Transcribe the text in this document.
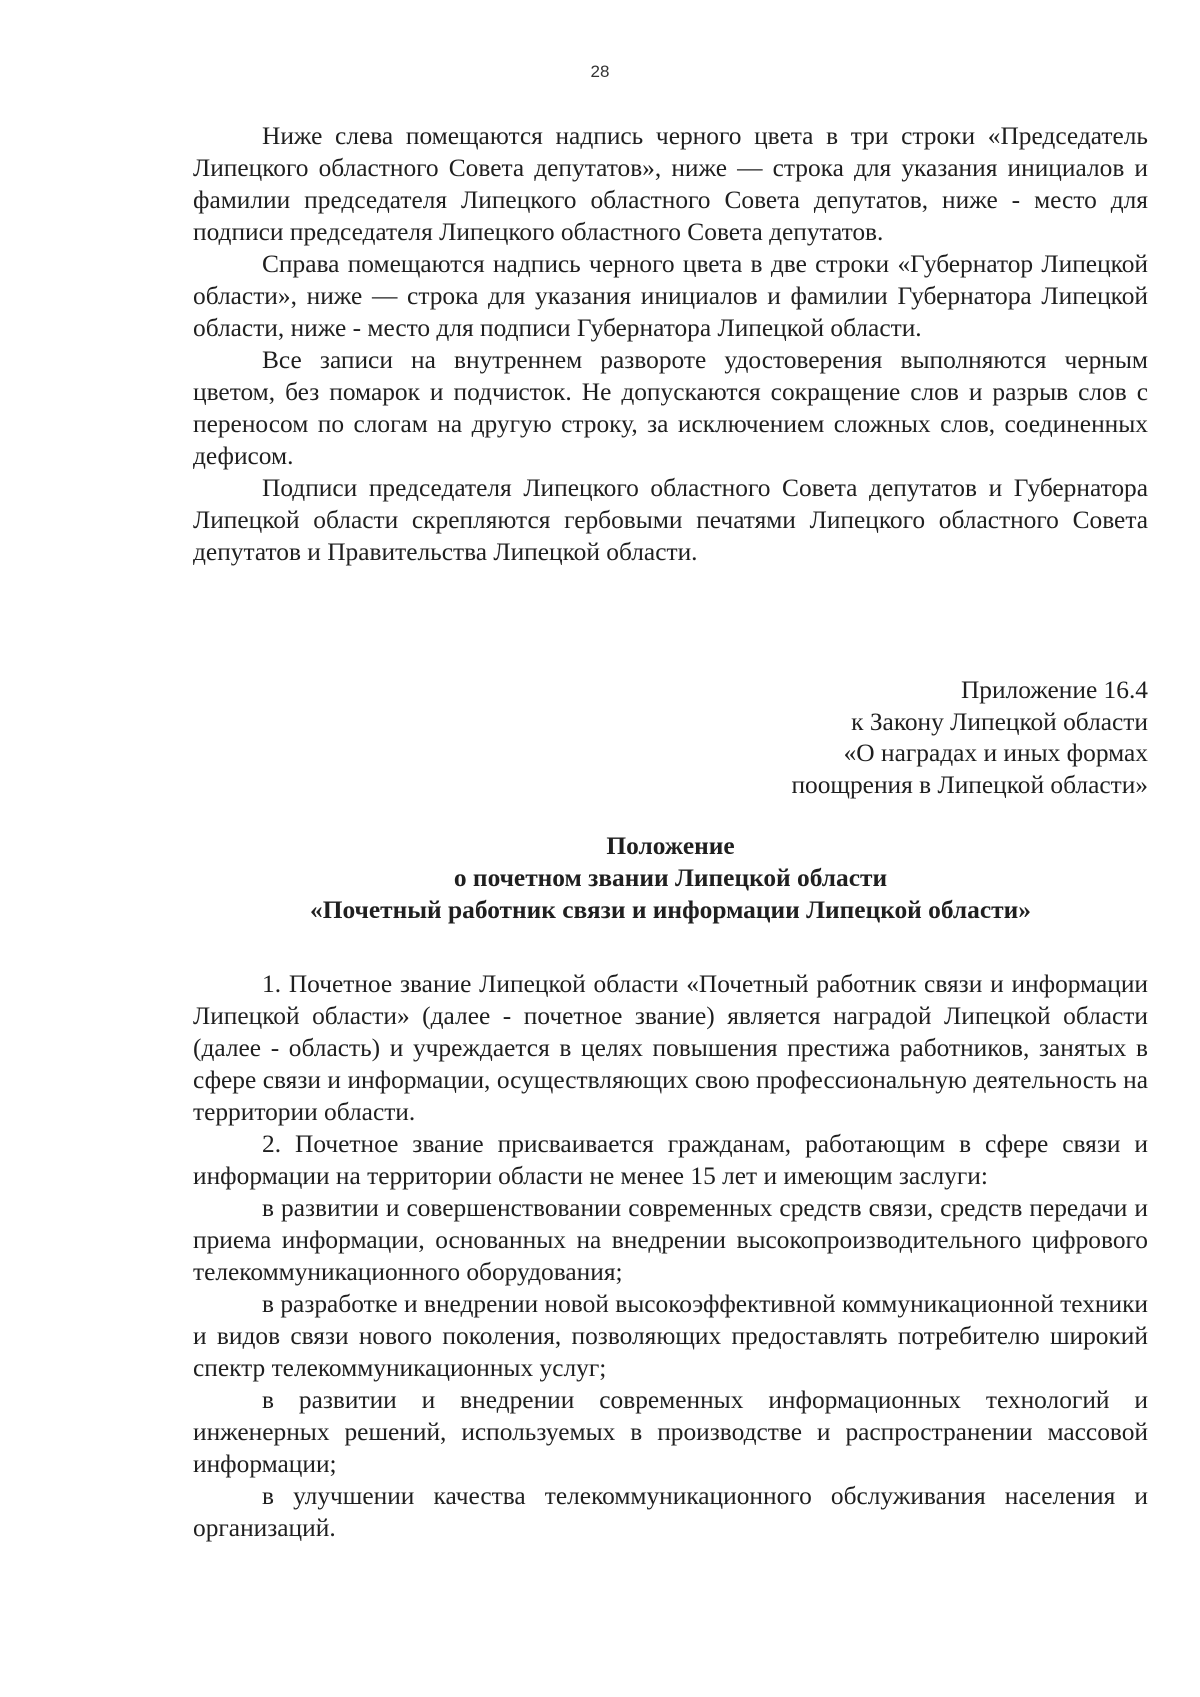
28

Ниже слева помещаются надпись черного цвета в три строки «Председатель Липецкого областного Совета депутатов», ниже — строка для указания инициалов и фамилии председателя Липецкого областного Совета депутатов, ниже - место для подписи председателя Липецкого областного Совета депутатов.

Справа помещаются надпись черного цвета в две строки «Губернатор Липецкой области», ниже — строка для указания инициалов и фамилии Губернатора Липецкой области, ниже - место для подписи Губернатора Липецкой области.

Все записи на внутреннем развороте удостоверения выполняются черным цветом, без помарок и подчисток. Не допускаются сокращение слов и разрыв слов с переносом по слогам на другую строку, за исключением сложных слов, соединенных дефисом.

Подписи председателя Липецкого областного Совета депутатов и Губернатора Липецкой области скрепляются гербовыми печатями Липецкого областного Совета депутатов и Правительства Липецкой области.

Приложение 16.4
к Закону Липецкой области
«О наградах и иных формах
поощрения в Липецкой области»
Положение
о почетном звании Липецкой области
«Почетный работник связи и информации Липецкой области»

1. Почетное звание Липецкой области «Почетный работник связи и информации Липецкой области» (далее - почетное звание) является наградой Липецкой области (далее - область) и учреждается в целях повышения престижа работников, занятых в сфере связи и информации, осуществляющих свою профессиональную деятельность на территории области.

2. Почетное звание присваивается гражданам, работающим в сфере связи и информации на территории области не менее 15 лет и имеющим заслуги:

в развитии и совершенствовании современных средств связи, средств передачи и приема информации, основанных на внедрении высокопроизводительного цифрового телекоммуникационного оборудования;

в разработке и внедрении новой высокоэффективной коммуникационной техники и видов связи нового поколения, позволяющих предоставлять потребителю широкий спектр телекоммуникационных услуг;

в развитии и внедрении современных информационных технологий и инженерных решений, используемых в производстве и распространении массовой информации;

в улучшении качества телекоммуникационного обслуживания населения и организаций.
